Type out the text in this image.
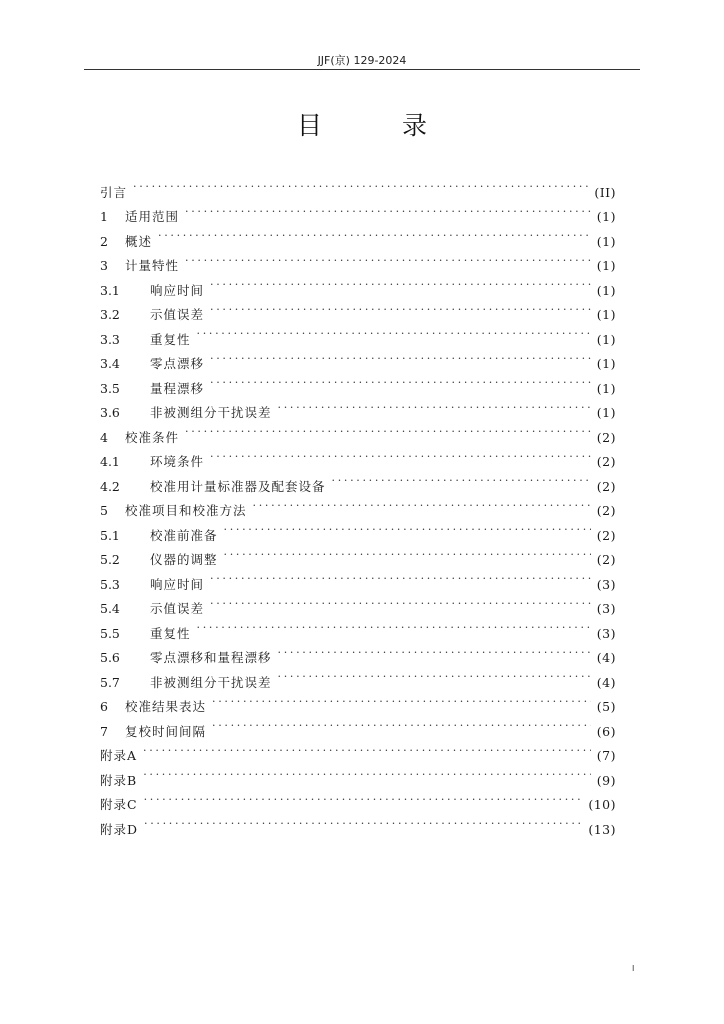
JJF(京) 129-2024
目 录
引言 . . .	(II)
1	适用范围 . . .	(1)
2	概述 . . .	(1)
3	计量特性 . . .	(1)
3.1	响应时间 . . .	(1)
3.2	示值误差 . . .	(1)
3.3	重复性 . . .	(1)
3.4	零点漂移 . . .	(1)
3.5	量程漂移 . . .	(1)
3.6	非被测组分干扰误差 . . .	(1)
4	校准条件 . . .	(2)
4.1	环境条件 . . .	(2)
4.2	校准用计量标准器及配套设备 . . .	(2)
5	校准项目和校准方法 . . .	(2)
5.1	校准前准备 . . .	(2)
5.2	仪器的调整 . . .	(2)
5.3	响应时间 . . .	(3)
5.4	示值误差 . . .	(3)
5.5	重复性 . . .	(3)
5.6	零点漂移和量程漂移 . . .	(4)
5.7	非被测组分干扰误差 . . .	(4)
6	校准结果表达 . . .	(5)
7	复校时间间隔 . . .	(6)
附录A . . .	(7)
附录B . . .	(9)
附录C . . .	(10)
附录D . . .	(13)
I
